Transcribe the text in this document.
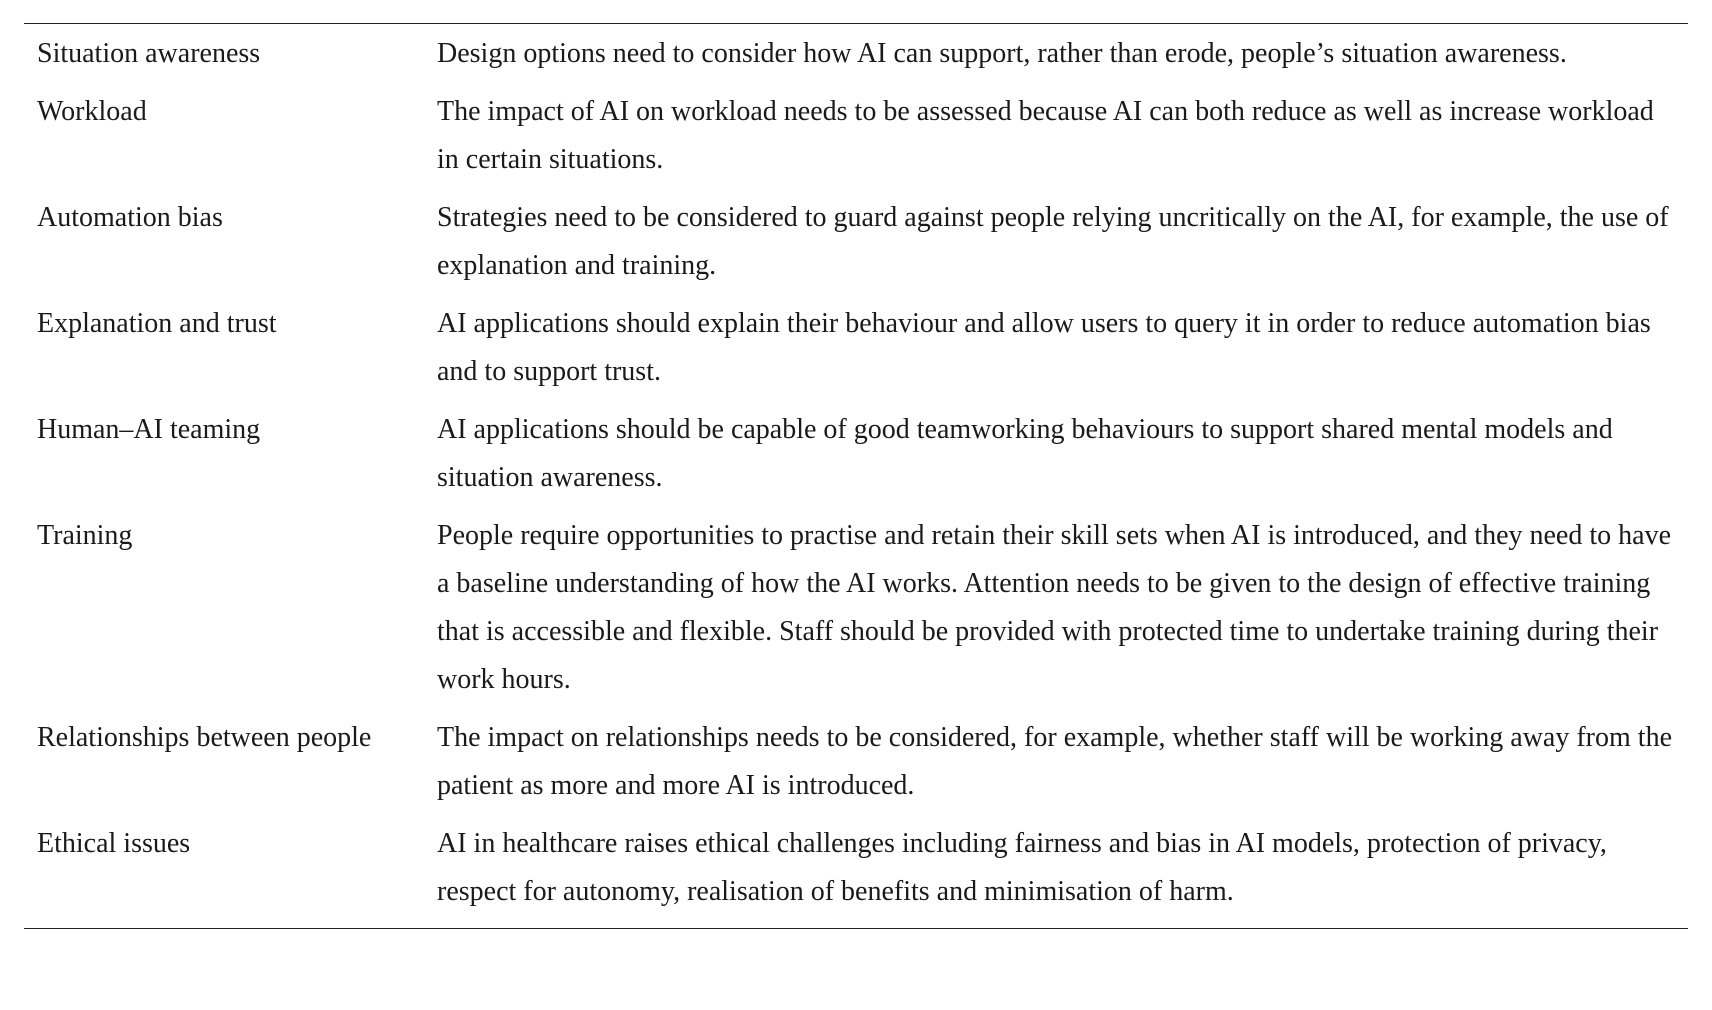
Situation awareness	Design options need to consider how AI can support, rather than erode, people’s situation awareness.
Workload	The impact of AI on workload needs to be assessed because AI can both reduce as well as increase workload in certain situations.
Automation bias	Strategies need to be considered to guard against people relying uncritically on the AI, for example, the use of explanation and training.
Explanation and trust	AI applications should explain their behaviour and allow users to query it in order to reduce automation bias and to support trust.
Human–AI teaming	AI applications should be capable of good teamworking behaviours to support shared mental models and situation awareness.
Training	People require opportunities to practise and retain their skill sets when AI is introduced, and they need to have a baseline understanding of how the AI works. Attention needs to be given to the design of effective training that is accessible and flexible. Staff should be provided with protected time to undertake training during their work hours.
Relationships between people	The impact on relationships needs to be considered, for example, whether staff will be working away from the patient as more and more AI is introduced.
Ethical issues	AI in healthcare raises ethical challenges including fairness and bias in AI models, protection of privacy, respect for autonomy, realisation of benefits and minimisation of harm.
